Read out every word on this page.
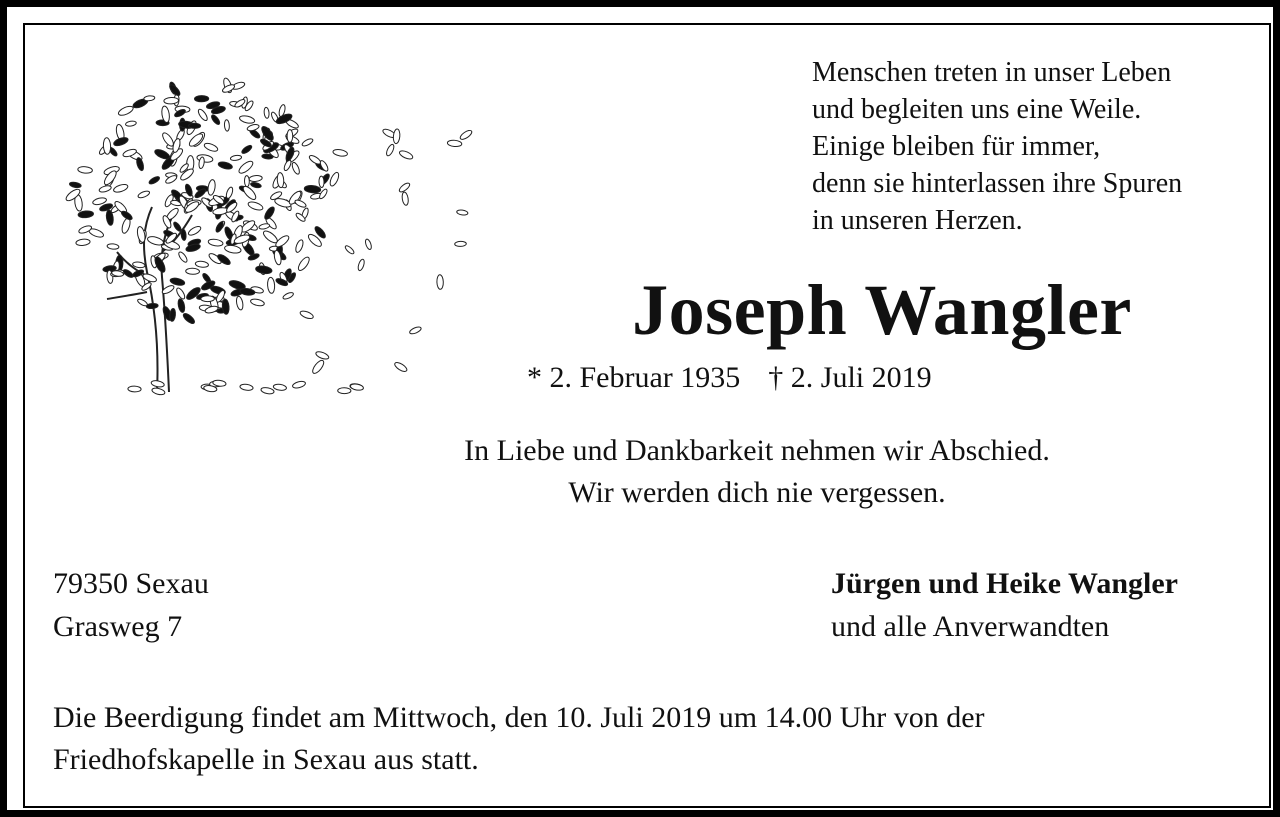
Menschen treten in unser Leben
und begleiten uns eine Weile.
Einige bleiben für immer,
denn sie hinterlassen ihre Spuren
in unseren Herzen.
Joseph Wangler
* 2. Februar 1935 † 2. Juli 2019
In Liebe und Dankbarkeit nehmen wir Abschied.
Wir werden dich nie vergessen.
79350 Sexau
Grasweg 7
Jürgen und Heike Wangler
und alle Anverwandten
Die Beerdigung findet am Mittwoch, den 10. Juli 2019 um 14.00 Uhr von der
Friedhofskapelle in Sexau aus statt.
